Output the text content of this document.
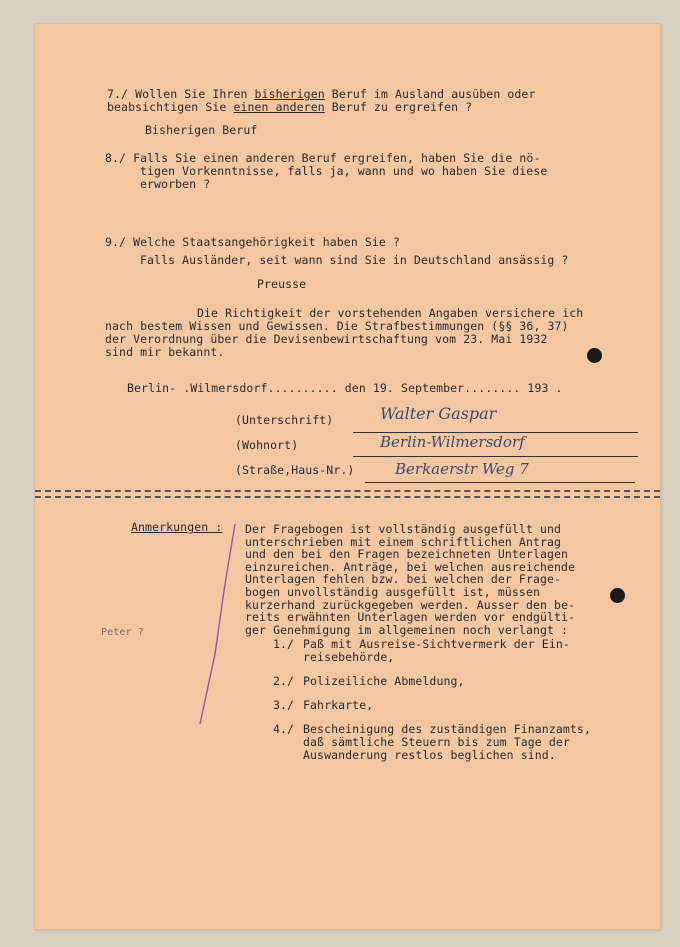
7./ Wollen Sie Ihren bisherigen Beruf im Ausland ausüben oder
beabsichtigen Sie einen anderen Beruf zu ergreifen ?
Bisherigen Beruf
8./ Falls Sie einen anderen Beruf ergreifen, haben Sie die nö-
tigen Vorkenntnisse, falls ja, wann und wo haben Sie diese
erworben ?
9./ Welche Staatsangehörigkeit haben Sie ?
Falls Ausländer, seit wann sind Sie in Deutschland ansässig ?
Preusse
Die Richtigkeit der vorstehenden Angaben versichere ich
nach bestem Wissen und Gewissen. Die Strafbestimmungen (§§ 36, 37)
der Verordnung über die Devisenbewirtschaftung vom 23. Mai 1932
sind mir bekannt.
Berlin- .Wilmersdorf.......... den 19. September........ 193 .
(Unterschrift)	Walter Gaspar
(Wohnort)	Berlin-Wilmersdorf
(Straße,Haus-Nr.)	Berkaerstr Weg 7
Anmerkungen :
Peter ?
Der Fragebogen ist vollständig ausgefüllt und
unterschrieben mit einem schriftlichen Antrag
und den bei den Fragen bezeichneten Unterlagen
einzureichen. Anträge, bei welchen ausreichende
Unterlagen fehlen bzw. bei welchen der Frage-
bogen unvollständig ausgefüllt ist, müssen
kurzerhand zurückgegeben werden. Ausser den be-
reits erwähnten Unterlagen werden vor endgülti-
ger Genehmigung im allgemeinen noch verlangt :
1./ Paß mit Ausreise-Sichtvermerk der Ein-
reisebehörde,
2./ Polizeiliche Abmeldung,
3./ Fahrkarte,
4./ Bescheinigung des zuständigen Finanzamts,
daß sämtliche Steuern bis zum Tage der
Auswanderung restlos beglichen sind.
